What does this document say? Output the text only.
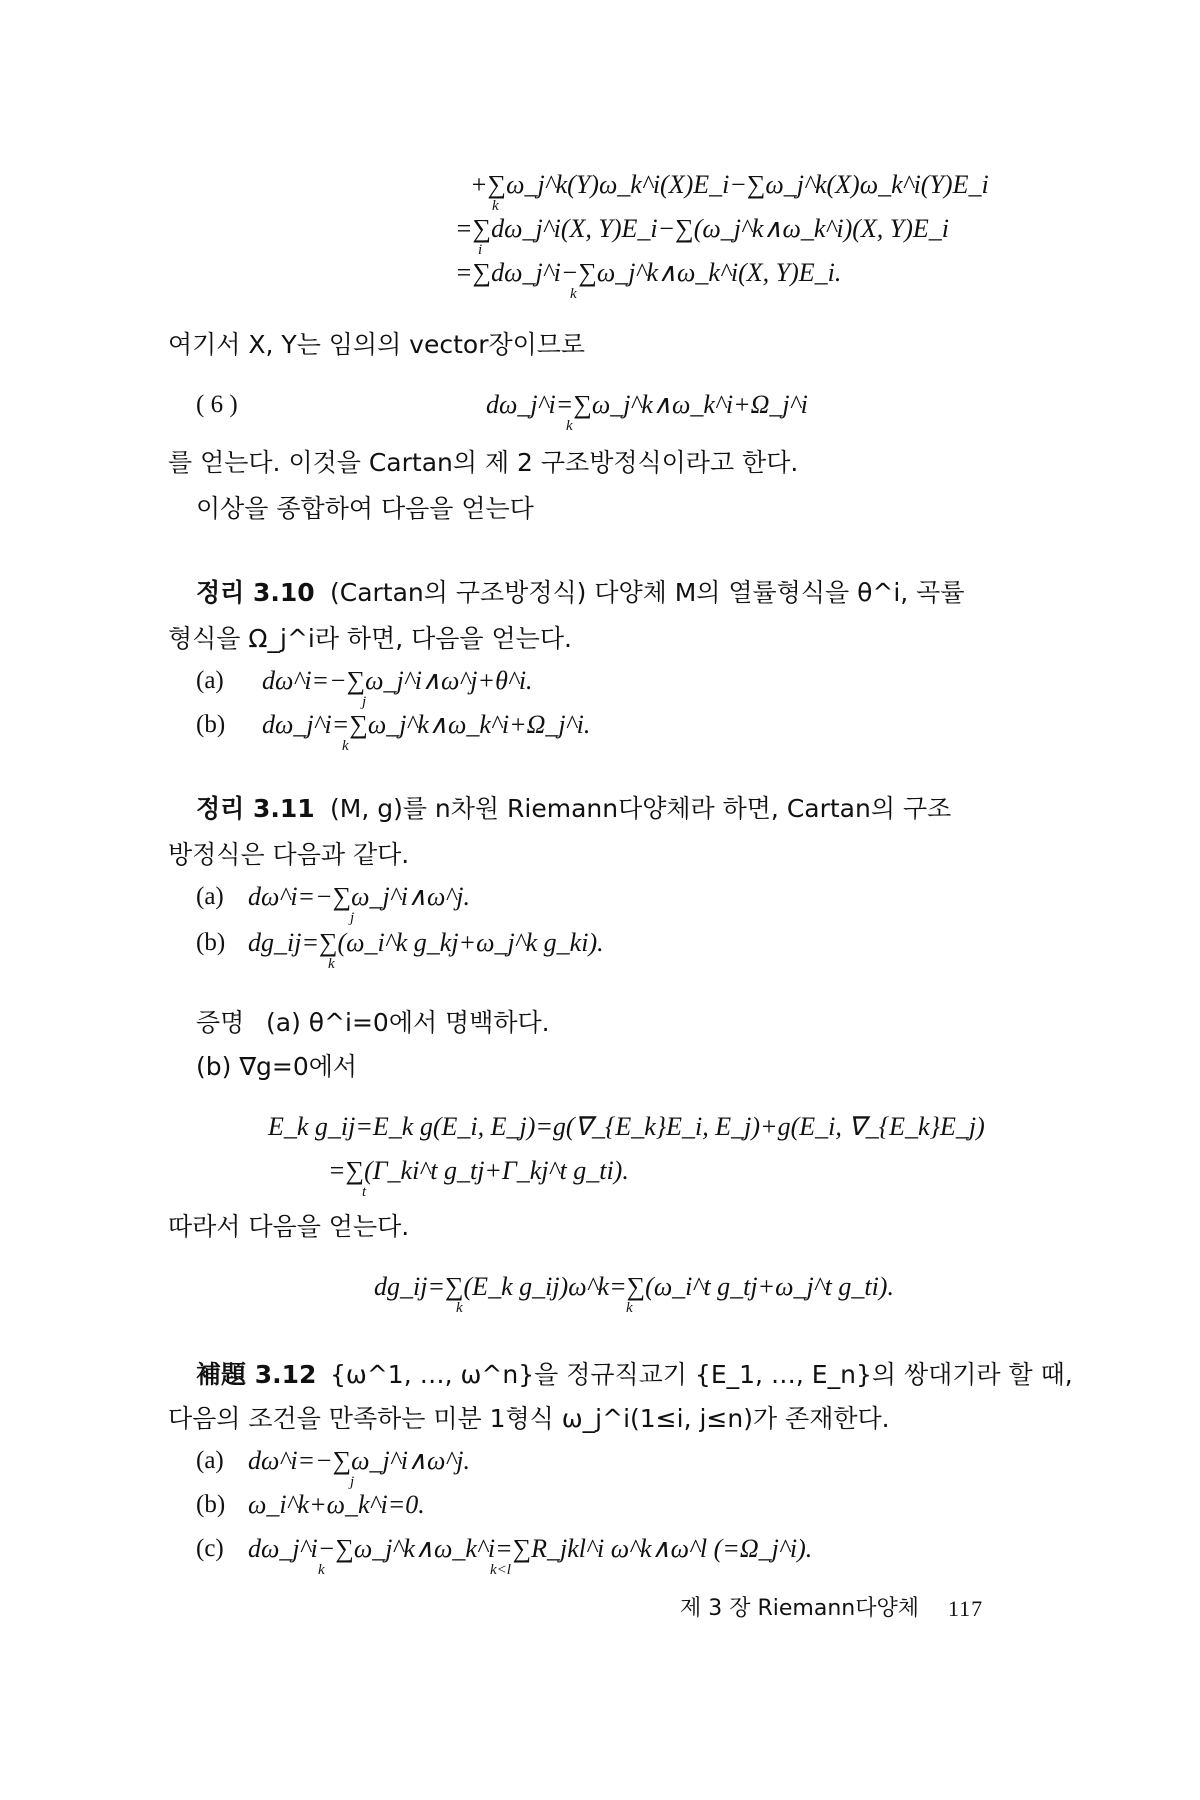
+∑ω_j^k(Y)ω_k^i(X)E_i−∑ω_j^k(X)ω_k^i(Y)E_i
k
=∑dω_j^i(X, Y)E_i−∑(ω_j^k∧ω_k^i)(X, Y)E_i
i
=∑dω_j^i−∑ω_j^k∧ω_k^i(X, Y)E_i.
k
여기서 X, Y는 임의의 vector장이므로
( 6 )	dω_j^i=∑ω_j^k∧ω_k^i+Ω_j^i
k
를 얻는다. 이것을 Cartan의 제 2 구조방정식이라고 한다.
이상을 종합하여 다음을 얻는다
정리 3.10 (Cartan의 구조방정식) 다양체 M의 열률형식을 θ^i, 곡률
형식을 Ω_j^i라 하면, 다음을 얻는다.
(a) dω^i=−∑ω_j^i∧ω^j+θ^i.
j
(b) dω_j^i=∑ω_j^k∧ω_k^i+Ω_j^i.
k
정리 3.11 (M, g)를 n차원 Riemann다양체라 하면, Cartan의 구조
방정식은 다음과 같다.
(a) dω^i=−∑ω_j^i∧ω^j.
j
(b) dg_ij=∑(ω_i^k g_kj+ω_j^k g_ki).
k
증명 (a) θ^i=0에서 명백하다.
(b) ∇g=0에서
E_k g_ij=E_k g(E_i, E_j)=g(∇_{E_k}E_i, E_j)+g(E_i, ∇_{E_k}E_j)
=∑(Γ_ki^t g_tj+Γ_kj^t g_ti).
t
따라서 다음을 얻는다.
dg_ij=∑(E_k g_ij)ω^k=∑(ω_i^t g_tj+ω_j^t g_ti).
k	k
補題 3.12 {ω^1, …, ω^n}을 정규직교기 {E_1, …, E_n}의 쌍대기라 할 때,
다음의 조건을 만족하는 미분 1형식 ω_j^i(1≤i, j≤n)가 존재한다.
(a) dω^i=−∑ω_j^i∧ω^j.
j
(b) ω_i^k+ω_k^i=0.
(c) dω_j^i−∑ω_j^k∧ω_k^i=∑R_jkl^i ω^k∧ω^l (=Ω_j^i).
k	k<l
제 3 장 Riemann다양체 117
